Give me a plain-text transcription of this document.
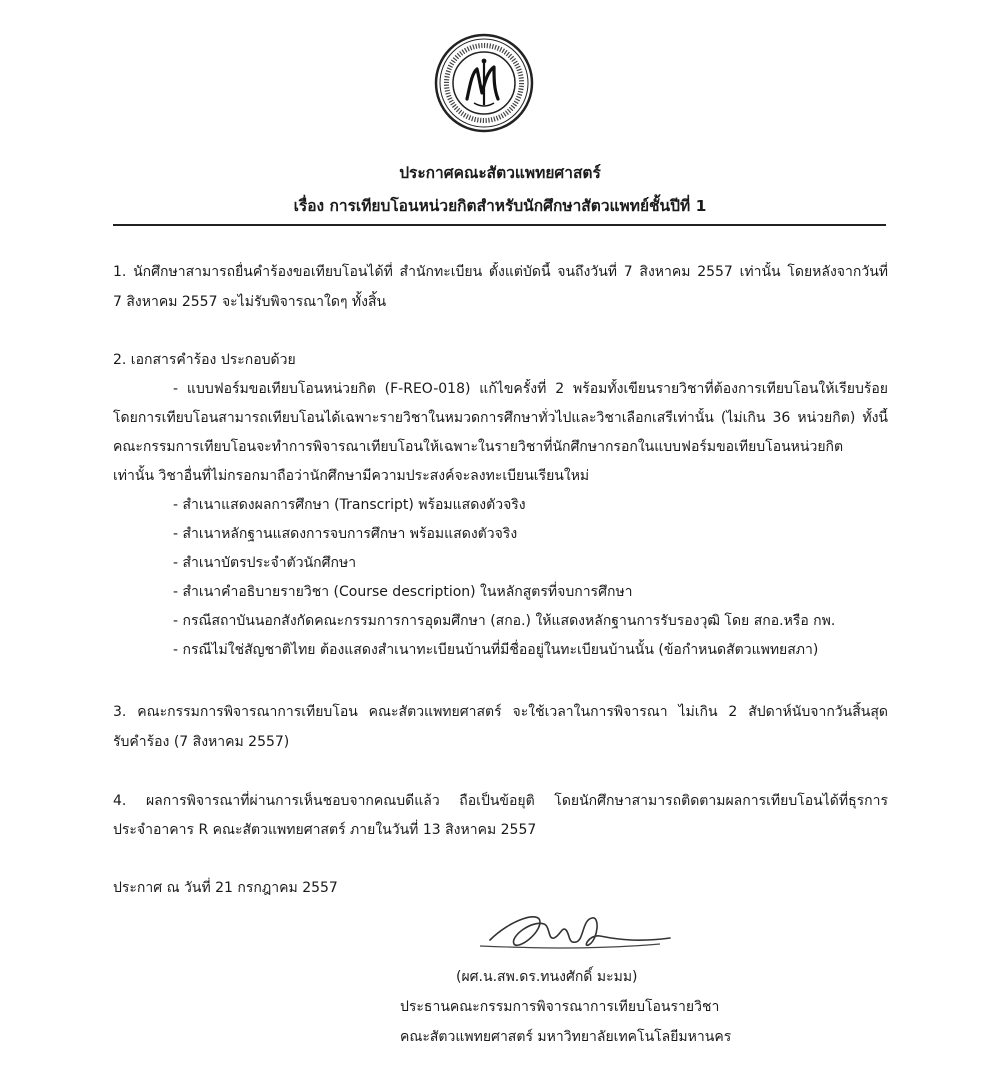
ประกาศคณะสัตวแพทยศาสตร์
เรื่อง การเทียบโอนหน่วยกิตสำหรับนักศึกษาสัตวแพทย์ชั้นปีที่ 1
1. นักศึกษาสามารถยื่นคำร้องขอเทียบโอนได้ที่ สำนักทะเบียน ตั้งแต่บัดนี้ จนถึงวันที่ 7 สิงหาคม 2557 เท่านั้น โดยหลังจากวันที่
7 สิงหาคม 2557 จะไม่รับพิจารณาใดๆ ทั้งสิ้น
2. เอกสารคำร้อง ประกอบด้วย
- แบบฟอร์มขอเทียบโอนหน่วยกิต (F-REO-018) แก้ไขครั้งที่ 2 พร้อมทั้งเขียนรายวิชาที่ต้องการเทียบโอนให้เรียบร้อย
โดยการเทียบโอนสามารถเทียบโอนได้เฉพาะรายวิชาในหมวดการศึกษาทั่วไปและวิชาเลือกเสรีเท่านั้น (ไม่เกิน 36 หน่วยกิต) ทั้งนี้
คณะกรรมการเทียบโอนจะทำการพิจารณาเทียบโอนให้เฉพาะในรายวิชาที่นักศึกษากรอกในแบบฟอร์มขอเทียบโอนหน่วยกิต
เท่านั้น วิชาอื่นที่ไม่กรอกมาถือว่านักศึกษามีความประสงค์จะลงทะเบียนเรียนใหม่
- สำเนาแสดงผลการศึกษา (Transcript) พร้อมแสดงตัวจริง
- สำเนาหลักฐานแสดงการจบการศึกษา พร้อมแสดงตัวจริง
- สำเนาบัตรประจำตัวนักศึกษา
- สำเนาคำอธิบายรายวิชา (Course description) ในหลักสูตรที่จบการศึกษา
- กรณีสถาบันนอกสังกัดคณะกรรมการการอุดมศึกษา (สกอ.) ให้แสดงหลักฐานการรับรองวุฒิ โดย สกอ.หรือ กพ.
- กรณีไม่ใช่สัญชาติไทย ต้องแสดงสำเนาทะเบียนบ้านที่มีชื่ออยู่ในทะเบียนบ้านนั้น (ข้อกำหนดสัตวแพทยสภา)
3. คณะกรรมการพิจารณาการเทียบโอน คณะสัตวแพทยศาสตร์ จะใช้เวลาในการพิจารณา ไม่เกิน 2 สัปดาห์นับจากวันสิ้นสุด
รับคำร้อง (7 สิงหาคม 2557)
4. ผลการพิจารณาที่ผ่านการเห็นชอบจากคณบดีแล้ว ถือเป็นข้อยุติ โดยนักศึกษาสามารถติดตามผลการเทียบโอนได้ที่ธุรการ
ประจำอาคาร R คณะสัตวแพทยศาสตร์ ภายในวันที่ 13 สิงหาคม 2557
ประกาศ ณ วันที่ 21 กรกฎาคม 2557
(ผศ.น.สพ.ดร.ทนงศักดิ์ มะมม)
ประธานคณะกรรมการพิจารณาการเทียบโอนรายวิชา
คณะสัตวแพทยศาสตร์ มหาวิทยาลัยเทคโนโลยีมหานคร
